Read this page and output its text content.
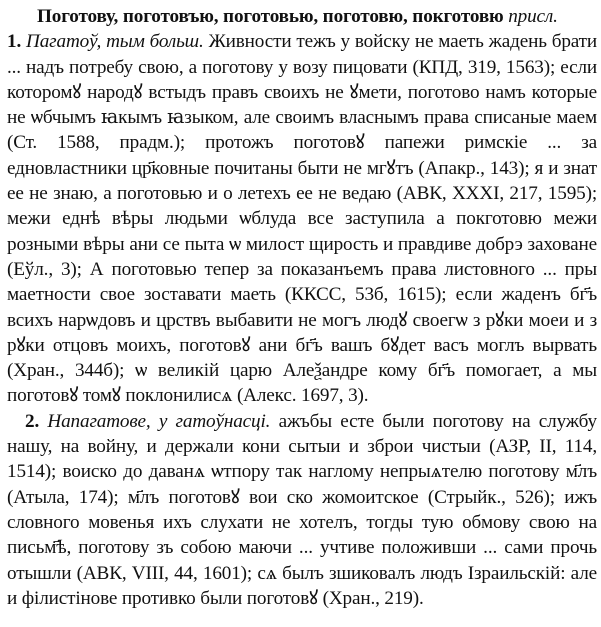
Поготову, поготовъю, поготовью, поготовю, покготовю присл.

1. Пагатоў, тым больш. Живности тежъ у войску не маеть жадень брати ... надъ потребу свою, а поготову у возу пицовати (КПД, 319, 1563); если которомꙋ народꙋ встыдъ правъ своихъ не ꙋмети, поготово намъ которые не ѡбчымъ ꙗкымъ ꙗзыком, але своимъ власнымъ права списаные маем (Ст. 1588, прадм.); протожъ поготовꙋ папежи римскіе ... за едновластники цр҃ковные почитаны быти не мгꙋтъ (Апакр., 143); я и знат ее не знаю, а поготовью и о летехъ ее не ведаю (АВК, XXXI, 217, 1595); межи еднѣ вѣры людьми ѡблуда все заступила а покготовю межи розными вѣры ани се пыта ѡ милост щирость и правдиве добрэ заховане (Еўл., 3); А поготовью тепер за показанъемъ права листовного ... пры маетности свое зоставати маеть (ККСС, 53б, 1615); если жаденъ бг҃ъ всихъ нарѡдовъ и црствъ выбавити не могъ людꙋ своегѡ з рꙋки моеи и з рꙋки отцовъ моихъ, поготовꙋ ани бг҃ъ вашъ бꙋдет васъ моглъ вырвать (Хран., 344б); ѡ великій царю Алеѯандре кому бг҃ъ помогает, а мы поготовꙋ томꙋ поклонилисѧ (Алекс. 1697, 3).

2. Напагатове, у гатоўнасці. ажъбы есте были поготову на службу нашу, на войну, и держали кони сытыи и зброи чистыи (АЗР, II, 114, 1514); воиско до даванѧ ѡтпору так наглому непрыѧтелю поготову м҃лъ (Атыла, 174); м҃лъ поготовꙋ вои ско жомоитское (Стрыйк., 526); ижъ словного мовенья ихъ слухати не хотелъ, тогды тую обмову свою на письм҃ѣ, поготову зъ собою маючи ... учтиве положивши ... сами прочь отышли (АВК, VIII, 44, 1601); сѧ былъ зшиковалъ людъ Ізраильскій: але и філистінове противко были поготовꙋ (Хран., 219).
